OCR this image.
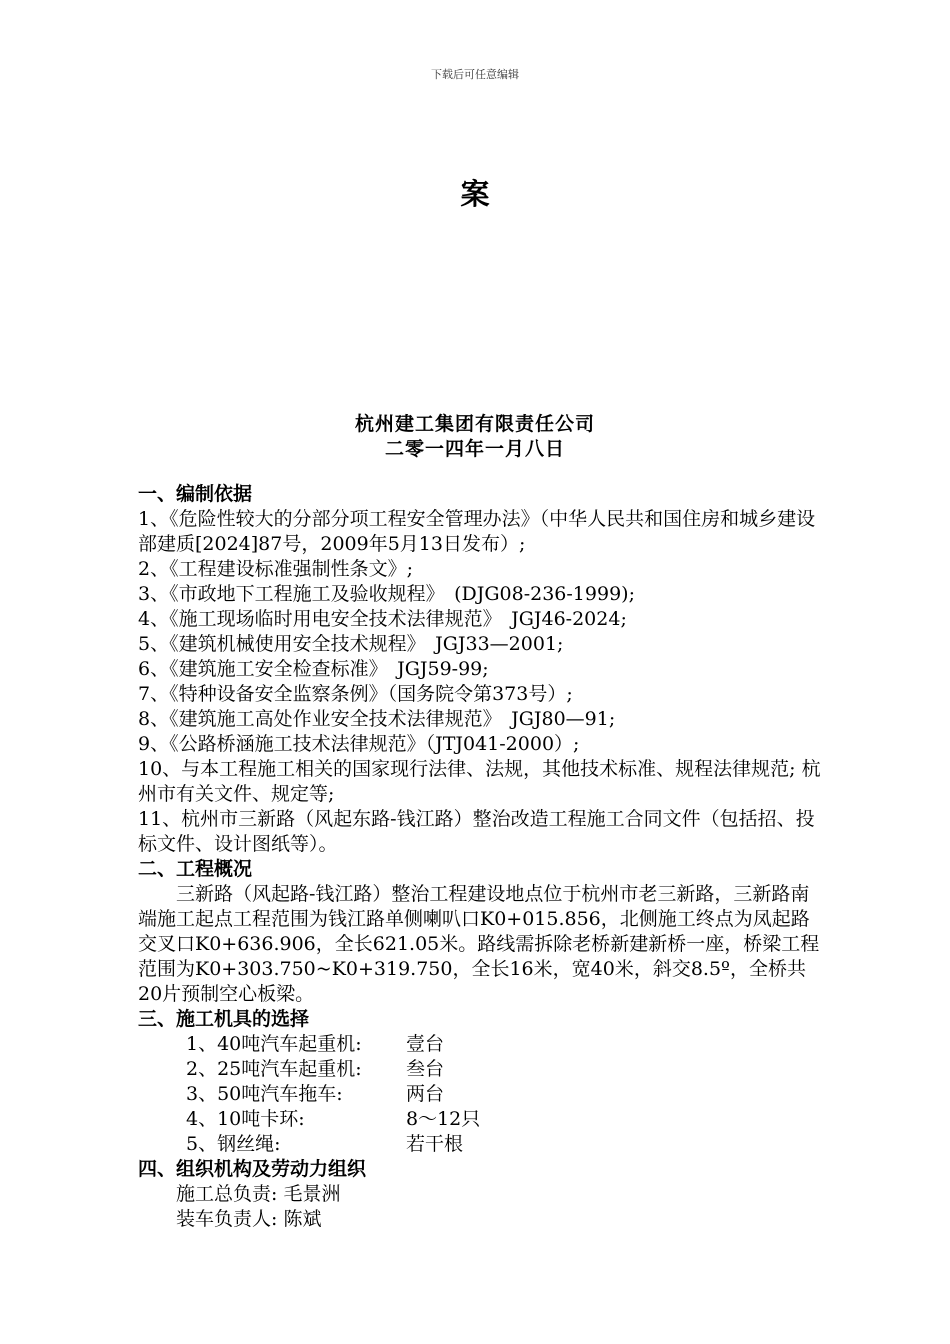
下载后可任意编辑
案
杭州建工集团有限责任公司
二零一四年一月八日
一、编制依据
1、《危险性较大的分部分项工程安全管理办法》（中华人民共和国住房和城乡建设部建质[2024]87号，2009年5月13日发布）;
2、《工程建设标准强制性条文》;
3、《市政地下工程施工及验收规程》　(DJG08-236-1999);
4、《施工现场临时用电安全技术法律规范》　JGJ46-2024;
5、《建筑机械使用安全技术规程》　JGJ33—2001;
6、《建筑施工安全检查标准》　JGJ59-99;
7、《特种设备安全监察条例》（国务院令第373号）;
8、《建筑施工高处作业安全技术法律规范》　JGJ80—91;
9、《公路桥涵施工技术法律规范》（JTJ041-2000）;
10、与本工程施工相关的国家现行法律、法规，其他技术标准、规程法律规范; 杭州市有关文件、规定等;
11、杭州市三新路（风起东路-钱江路）整治改造工程施工合同文件（包括招、投标文件、设计图纸等）。
二、工程概况
三新路（风起路-钱江路）整治工程建设地点位于杭州市老三新路，三新路南端施工起点工程范围为钱江路单侧喇叭口K0+015.856，北侧施工终点为凤起路交叉口K0+636.906，全长621.05米。路线需拆除老桥新建新桥一座，桥梁工程范围为K0+303.750~K0+319.750，全长16米，宽40米，斜交8.5º，全桥共20片预制空心板梁。
三、施工机具的选择
1、40吨汽车起重机:	壹台
2、25吨汽车起重机:	叁台
3、50吨汽车拖车:	两台
4、10吨卡环:	8～12只
5、钢丝绳:	若干根
四、组织机构及劳动力组织
施工总负责: 毛景洲
装车负责人: 陈斌
